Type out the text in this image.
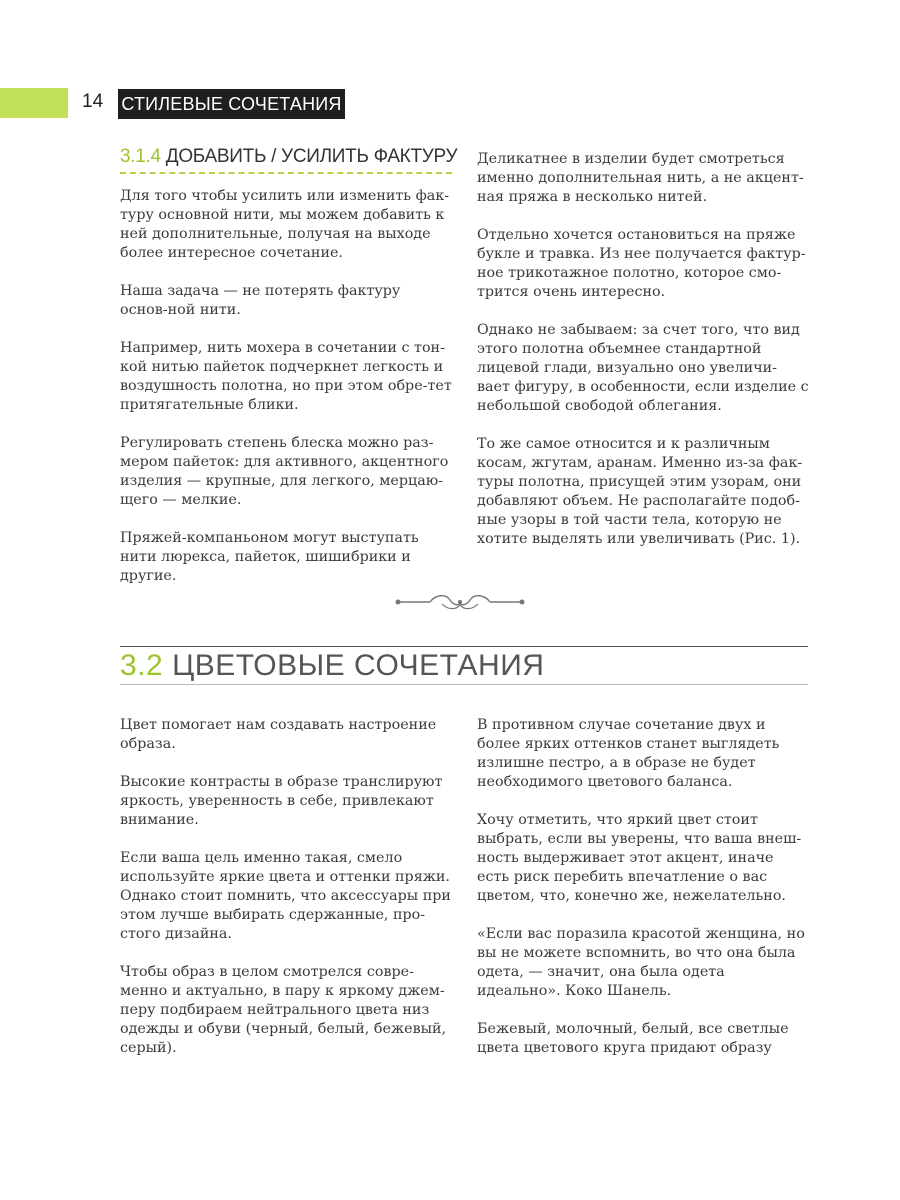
14 СТИЛЕВЫЕ СОЧЕТАНИЯ
3.1.4 ДОБАВИТЬ / УСИЛИТЬ ФАКТУРУ

Для того чтобы усилить или изменить фак-туру основной нити, мы можем добавить к ней дополнительные, получая на выходе более интересное сочетание.

Наша задача — не потерять фактуру основ-ной нити.

Например, нить мохера в сочетании с тон-кой нитью пайеток подчеркнет легкость и воздушность полотна, но при этом обре-тет притягательные блики.

Регулировать степень блеска можно раз-мером пайеток: для активного, акцентного изделия — крупные, для легкого, мерцаю-щего — мелкие.

Пряжей-компаньоном могут выступать нити люрекса, пайеток, шишибрики и другие.

Деликатнее в изделии будет смотреться именно дополнительная нить, а не акцент-ная пряжа в несколько нитей.

Отдельно хочется остановиться на пряже букле и травка. Из нее получается фактур-ное трикотажное полотно, которое смо-трится очень интересно.

Однако не забываем: за счет того, что вид этого полотна объемнее стандартной лицевой глади, визуально оно увеличи-вает фигуру, в особенности, если изделие с небольшой свободой облегания.

То же самое относится и к различным косам, жгутам, аранам. Именно из-за фак-туры полотна, присущей этим узорам, они добавляют объем. Не располагайте подоб-ные узоры в той части тела, которую не хотите выделять или увеличивать (Рис. 1).

3.2 ЦВЕТОВЫЕ СОЧЕТАНИЯ

Цвет помогает нам создавать настроение образа.

Высокие контрасты в образе транслируют яркость, уверенность в себе, привлекают внимание.

Если ваша цель именно такая, смело используйте яркие цвета и оттенки пряжи. Однако стоит помнить, что аксессуары при этом лучше выбирать сдержанные, про-стого дизайна.

Чтобы образ в целом смотрелся совре-менно и актуально, в пару к яркому джем-перу подбираем нейтрального цвета низ одежды и обуви (черный, белый, бежевый, серый).

В противном случае сочетание двух и более ярких оттенков станет выглядеть излишне пестро, а в образе не будет необходимого цветового баланса.

Хочу отметить, что яркий цвет стоит выбрать, если вы уверены, что ваша внеш-ность выдерживает этот акцент, иначе есть риск перебить впечатление о вас цветом, что, конечно же, нежелательно.

«Если вас поразила красотой женщина, но вы не можете вспомнить, во что она была одета, — значит, она была одета идеально». Коко Шанель.

Бежевый, молочный, белый, все светлые цвета цветового круга придают образу
